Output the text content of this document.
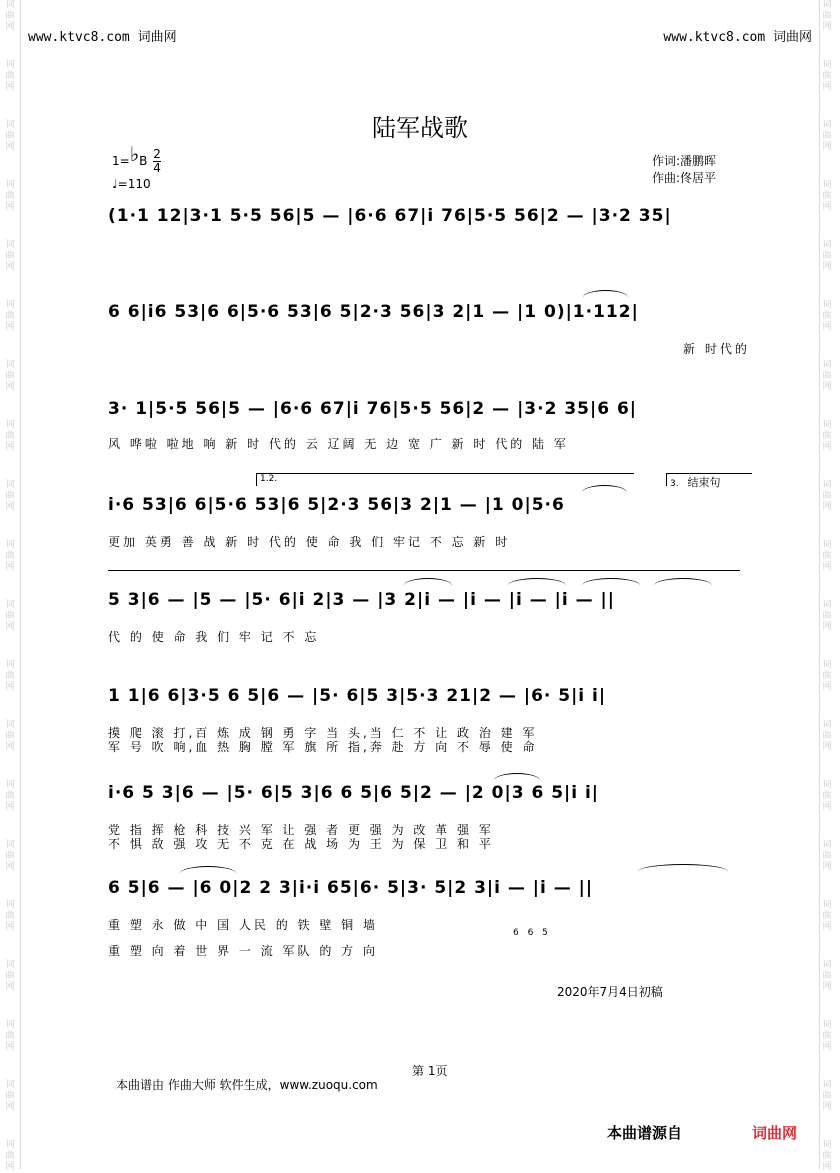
词
曲
网
词
曲
网
词
曲
网
词
曲
网
词
曲
网
词
曲
网
词
曲
网
词
曲
网
词
曲
网
词
曲
网
词
曲
网
词
曲
网
词
曲
网
词
曲
网
词
曲
网
词
曲
网
词
曲
网
词
曲
网
词
曲
网
词
曲
网
词
曲
网
词
曲
网
词
曲
网
词
曲
网
词
曲
网
词
曲
网
词
曲
网
词
曲
网
词
曲
网
词
曲
网
词
曲
网
词
曲
网
词
曲
网
词
曲
网
词
曲
网
词
曲
网
词
曲
网
词
曲
网
词
曲
网
词
曲
网
www.ktvc8.com 词曲网	www.ktvc8.com 词曲网
陆军战歌
1=♭B $\frac{2}{4}$
♩=110
作词:潘鹏晖
作曲:佟居平
(1·1 12|3·1 5·5 56|5 — |6·6 67|i 76|5·5 56|2 — |3·2 35|
6 6|i6 53|6 6|5·6 53|6 5|2·3 56|3 2|1 — |1 0)|1·112|
新 时代的
3· 1|5·5 56|5 — |6·6 67|i 76|5·5 56|2 — |3·2 35|6 6|
风 哗啦 啦地 响 新 时 代的 云 辽阔 无 边 宽 广 新 时 代的 陆 军
1.2.	3. 结束句
i·6 53|6 6|5·6 53|6 5|2·3 56|3 2|1 — |1 0|5·6
更加 英勇 善 战 新 时 代的 使 命 我 们 牢记 不 忘 新 时
5 3|6 — |5 — |5· 6|i 2|3 — |3 2|i — |i — |i — |i — ||
代 的 使 命 我 们 牢 记 不 忘
1 1|6 6|3·5 6 5|6 — |5· 6|5 3|5·3 21|2 — |6· 5|i i|
摸 爬 滚 打,百 炼 成 钢 勇 字 当 头,当 仁 不 让 政 治 建 军
军 号 吹 响,血 热 胸 膛 军 旗 所 指,奔 赴 方 向 不 辱 使 命
i·6 5 3|6 — |5· 6|5 3|6 6 5|6 5|2 — |2 0|3 6 5|i i|
党 指 挥 枪 科 技 兴 军 让 强 者 更 强 为 改 革 强 军
不 惧 敌 强 攻 无 不 克 在 战 场 为 王 为 保 卫 和 平
6 5|6 — |6 0|2 2 3|i·i 65|6· 5|3· 5|2 3|i — |i — ||
重 塑 永 做 中 国 人民 的 铁 壁 铜 墙
6 6 5
重 塑 向 着 世 界 一 流 军队 的 方 向
2020年7月4日初稿
第 1页
本曲谱由 作曲大师 软件生成，www.zuoqu.com
本曲谱源自	词曲网
